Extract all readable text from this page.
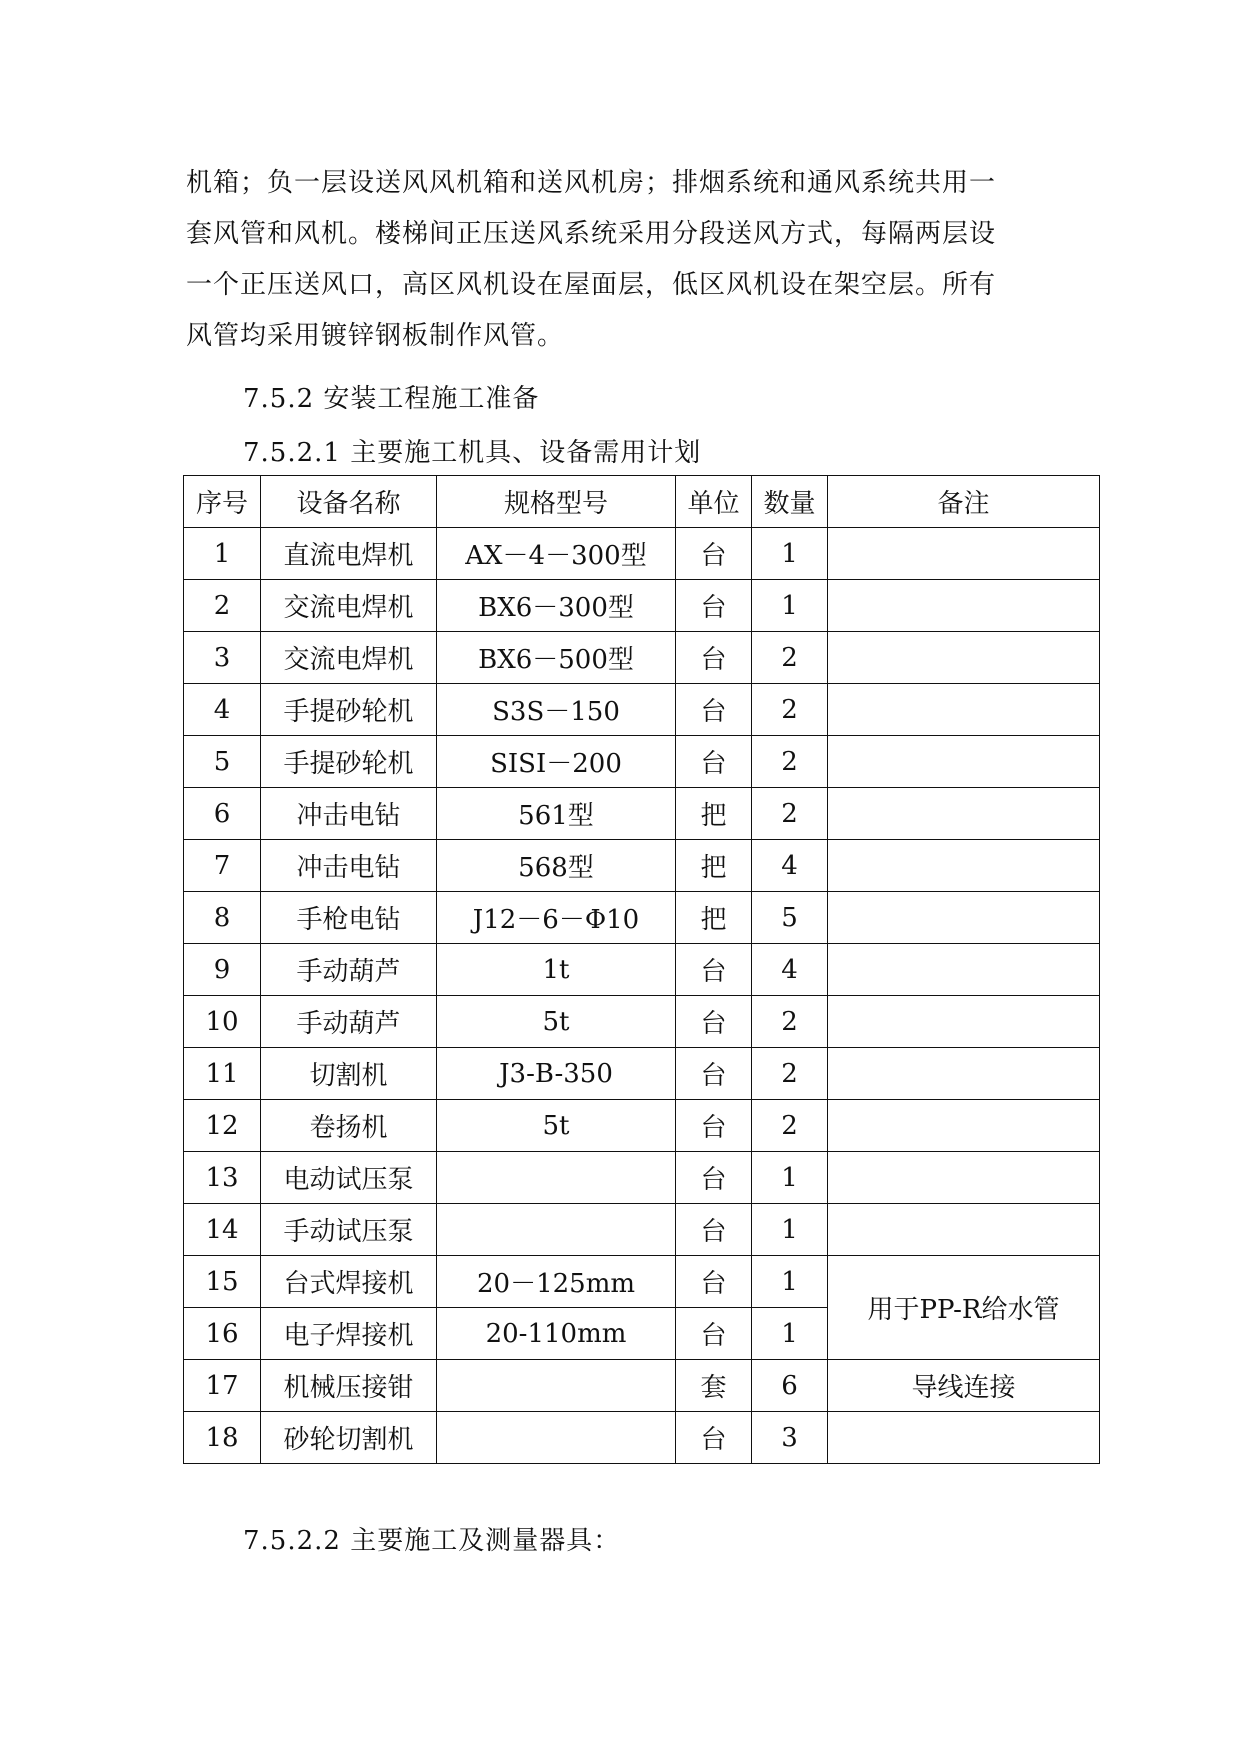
机箱；负一层设送风风机箱和送风机房；排烟系统和通风系统共用一

套风管和风机。楼梯间正压送风系统采用分段送风方式，每隔两层设

一个正压送风口，高区风机设在屋面层，低区风机设在架空层。所有

风管均采用镀锌钢板制作风管。

7.5.2 安装工程施工准备
7.5.2.1 主要施工机具、设备需用计划
序号	设备名称	规格型号	单位	数量	备注
1	直流电焊机	AX－4－300型	台	1	
2	交流电焊机	BX6－300型	台	1	
3	交流电焊机	BX6－500型	台	2	
4	手提砂轮机	S3S－150	台	2	
5	手提砂轮机	SISI－200	台	2	
6	冲击电钻	561型	把	2	
7	冲击电钻	568型	把	4	
8	手枪电钻	J12－6－Φ10	把	5	
9	手动葫芦	1t	台	4	
10	手动葫芦	5t	台	2	
11	切割机	J3-B-350	台	2	
12	卷扬机	5t	台	2	
13	电动试压泵		台	1	
14	手动试压泵		台	1	
15	台式焊接机	20－125mm	台	1	用于PP-R给水管
16	电子焊接机	20-110mm	台	1	
17	机械压接钳		套	6	导线连接
18	砂轮切割机		台	3	
7.5.2.2 主要施工及测量器具：
